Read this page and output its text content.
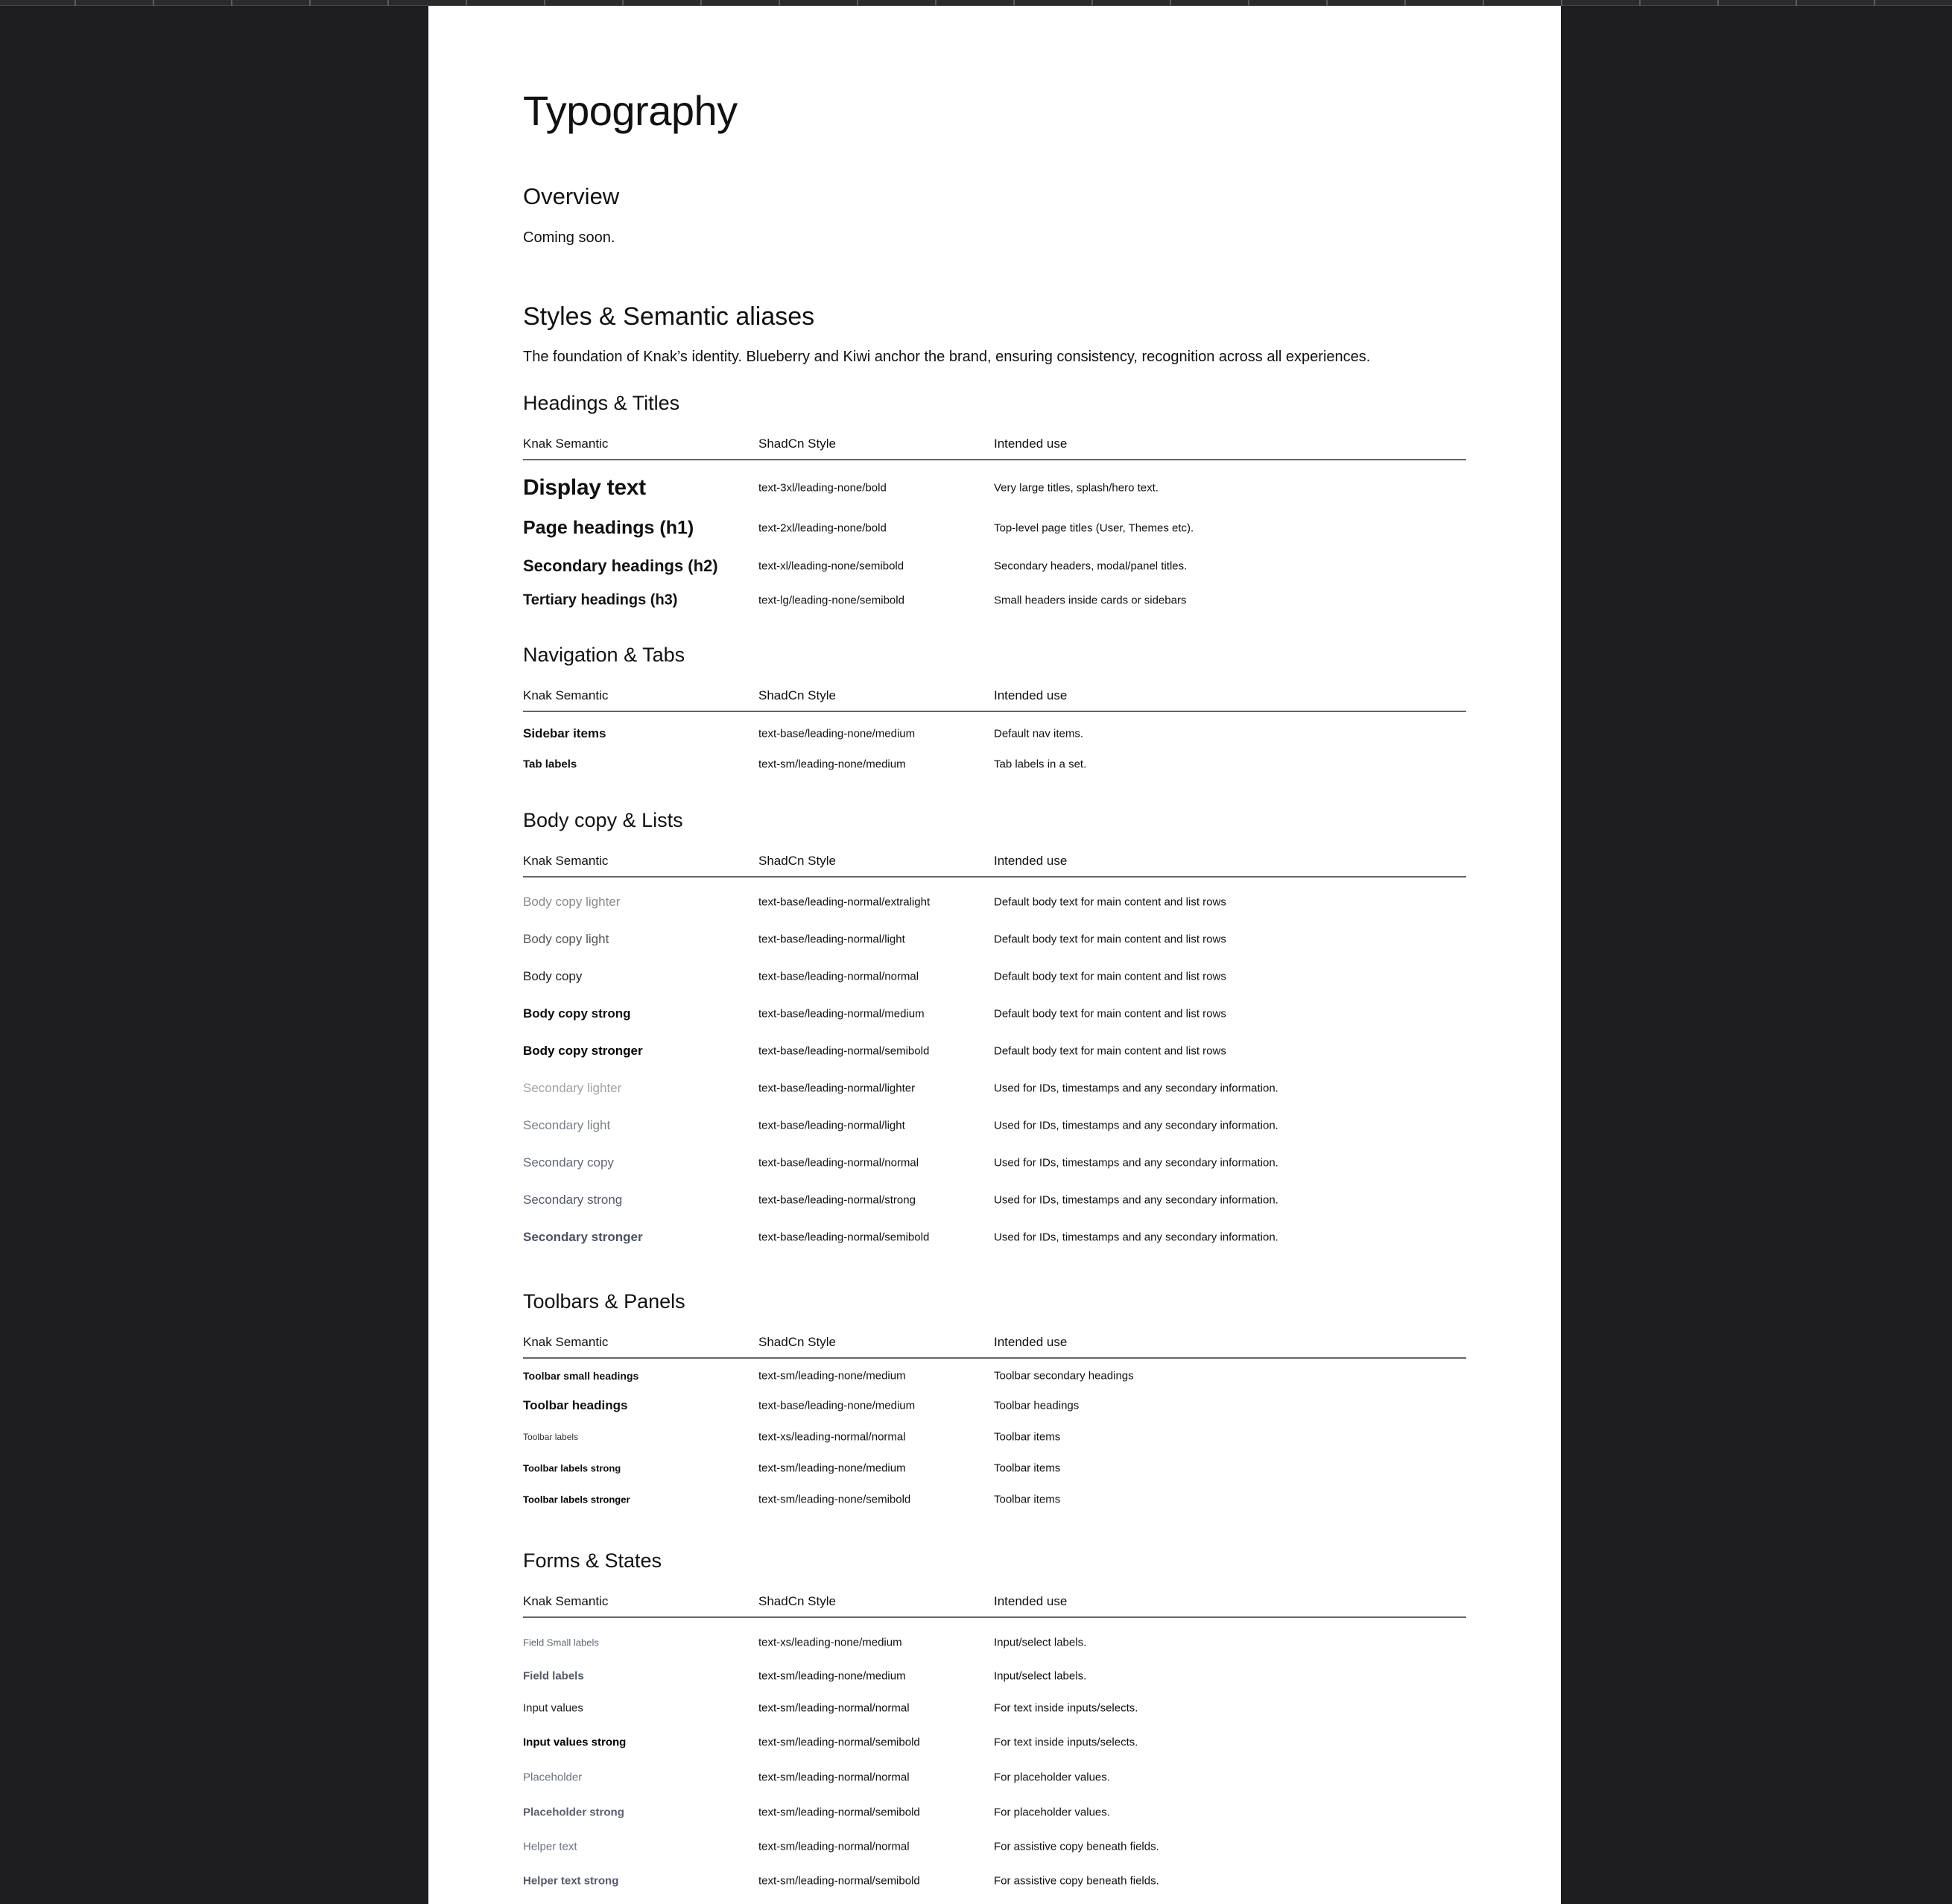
Typography
Overview

Coming soon.

Styles & Semantic aliases

The foundation of Knak’s identity. Blueberry and Kiwi anchor the brand, ensuring consistency, recognition across all experiences.

Headings & Titles
Knak Semantic	ShadCn Style	Intended use
Display text	text-3xl/leading-none/bold	Very large titles, splash/hero text.
Page headings (h1)	text-2xl/leading-none/bold	Top-level page titles (User, Themes etc).
Secondary headings (h2)	text-xl/leading-none/semibold	Secondary headers, modal/panel titles.
Tertiary headings (h3)	text-lg/leading-none/semibold	Small headers inside cards or sidebars
Navigation & Tabs
Knak Semantic	ShadCn Style	Intended use
Sidebar items	text-base/leading-none/medium	Default nav items.
Tab labels	text-sm/leading-none/medium	Tab labels in a set.
Body copy & Lists
Knak Semantic	ShadCn Style	Intended use
Body copy lighter	text-base/leading-normal/extralight	Default body text for main content and list rows
Body copy light	text-base/leading-normal/light	Default body text for main content and list rows
Body copy	text-base/leading-normal/normal	Default body text for main content and list rows
Body copy strong	text-base/leading-normal/medium	Default body text for main content and list rows
Body copy stronger	text-base/leading-normal/semibold	Default body text for main content and list rows
Secondary lighter	text-base/leading-normal/lighter	Used for IDs, timestamps and any secondary information.
Secondary light	text-base/leading-normal/light	Used for IDs, timestamps and any secondary information.
Secondary copy	text-base/leading-normal/normal	Used for IDs, timestamps and any secondary information.
Secondary strong	text-base/leading-normal/strong	Used for IDs, timestamps and any secondary information.
Secondary stronger	text-base/leading-normal/semibold	Used for IDs, timestamps and any secondary information.
Toolbars & Panels
Knak Semantic	ShadCn Style	Intended use
Toolbar small headings	text-sm/leading-none/medium	Toolbar secondary headings
Toolbar headings	text-base/leading-none/medium	Toolbar headings
Toolbar labels	text-xs/leading-normal/normal	Toolbar items
Toolbar labels strong	text-sm/leading-none/medium	Toolbar items
Toolbar labels stronger	text-sm/leading-none/semibold	Toolbar items
Forms & States
Knak Semantic	ShadCn Style	Intended use
Field Small labels	text-xs/leading-none/medium	Input/select labels.
Field labels	text-sm/leading-none/medium	Input/select labels.
Input values	text-sm/leading-normal/normal	For text inside inputs/selects.
Input values strong	text-sm/leading-normal/semibold	For text inside inputs/selects.
Placeholder	text-sm/leading-normal/normal	For placeholder values.
Placeholder strong	text-sm/leading-normal/semibold	For placeholder values.
Helper text	text-sm/leading-normal/normal	For assistive copy beneath fields.
Helper text strong	text-sm/leading-normal/semibold	For assistive copy beneath fields.
